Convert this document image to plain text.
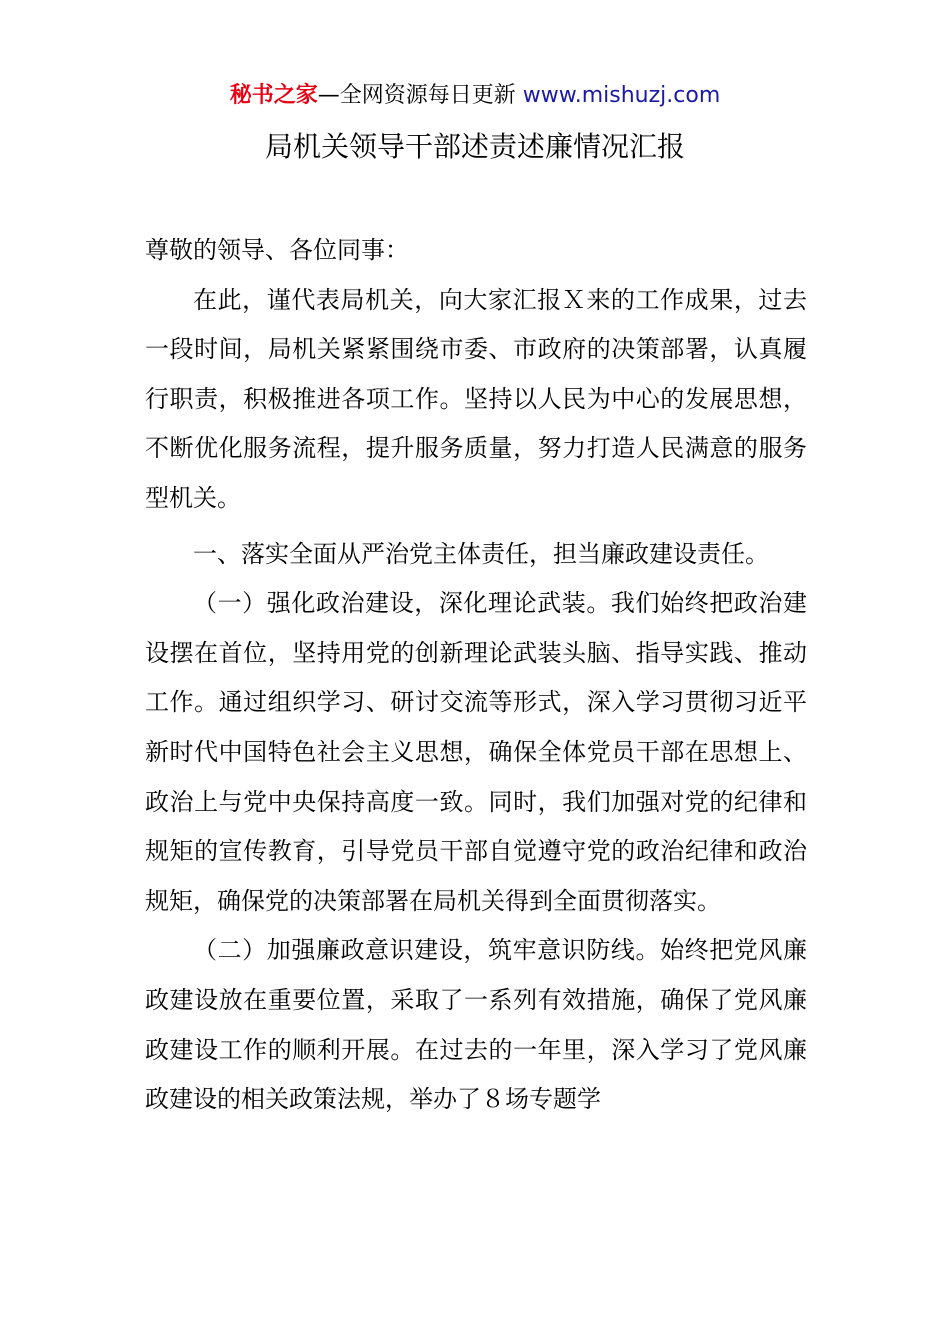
秘书之家—全网资源每日更新 www.mishuzj.com
局机关领导干部述责述廉情况汇报

尊敬的领导、各位同事：

在此，谨代表局机关，向大家汇报Ｘ来的工作成果，过去一段时间，局机关紧紧围绕市委、市政府的决策部署，认真履行职责，积极推进各项工作。坚持以人民为中心的发展思想，不断优化服务流程，提升服务质量，努力打造人民满意的服务型机关。

一、落实全面从严治党主体责任，担当廉政建设责任。

（一）强化政治建设，深化理论武装。我们始终把政治建设摆在首位，坚持用党的创新理论武装头脑、指导实践、推动工作。通过组织学习、研讨交流等形式，深入学习贯彻习近平新时代中国特色社会主义思想，确保全体党员干部在思想上、政治上与党中央保持高度一致。同时，我们加强对党的纪律和规矩的宣传教育，引导党员干部自觉遵守党的政治纪律和政治规矩，确保党的决策部署在局机关得到全面贯彻落实。

（二）加强廉政意识建设，筑牢意识防线。始终把党风廉政建设放在重要位置，采取了一系列有效措施，确保了党风廉政建设工作的顺利开展。在过去的一年里，深入学习了党风廉政建设的相关政策法规，举办了８场专题学
